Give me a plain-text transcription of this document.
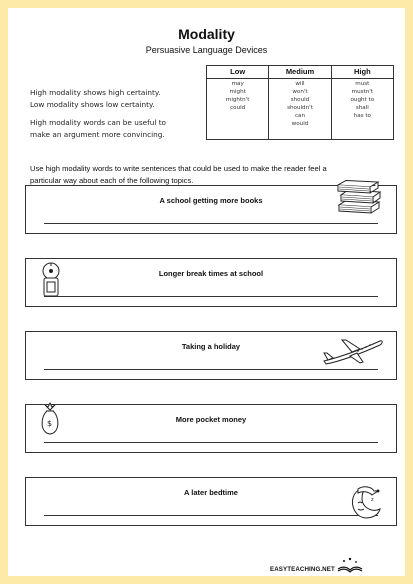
Modality
Persuasive Language Devices
High modality shows high certainty.
Low modality shows low certainty.
High modality words can be useful to
make an argument more convincing.
Low
may
might
mightn't
could
Medium
will
won't
should
shouldn't
can
would
High
must
mustn't
ought to
shall
has to
Use high modality words to write sentences that could be used to make the reader feel a
particular way about each of the following topics.
A school getting more books
Longer break times at school
Taking a holiday
More pocket money
$
A later bedtime
z
EASYTEACHING.NET
